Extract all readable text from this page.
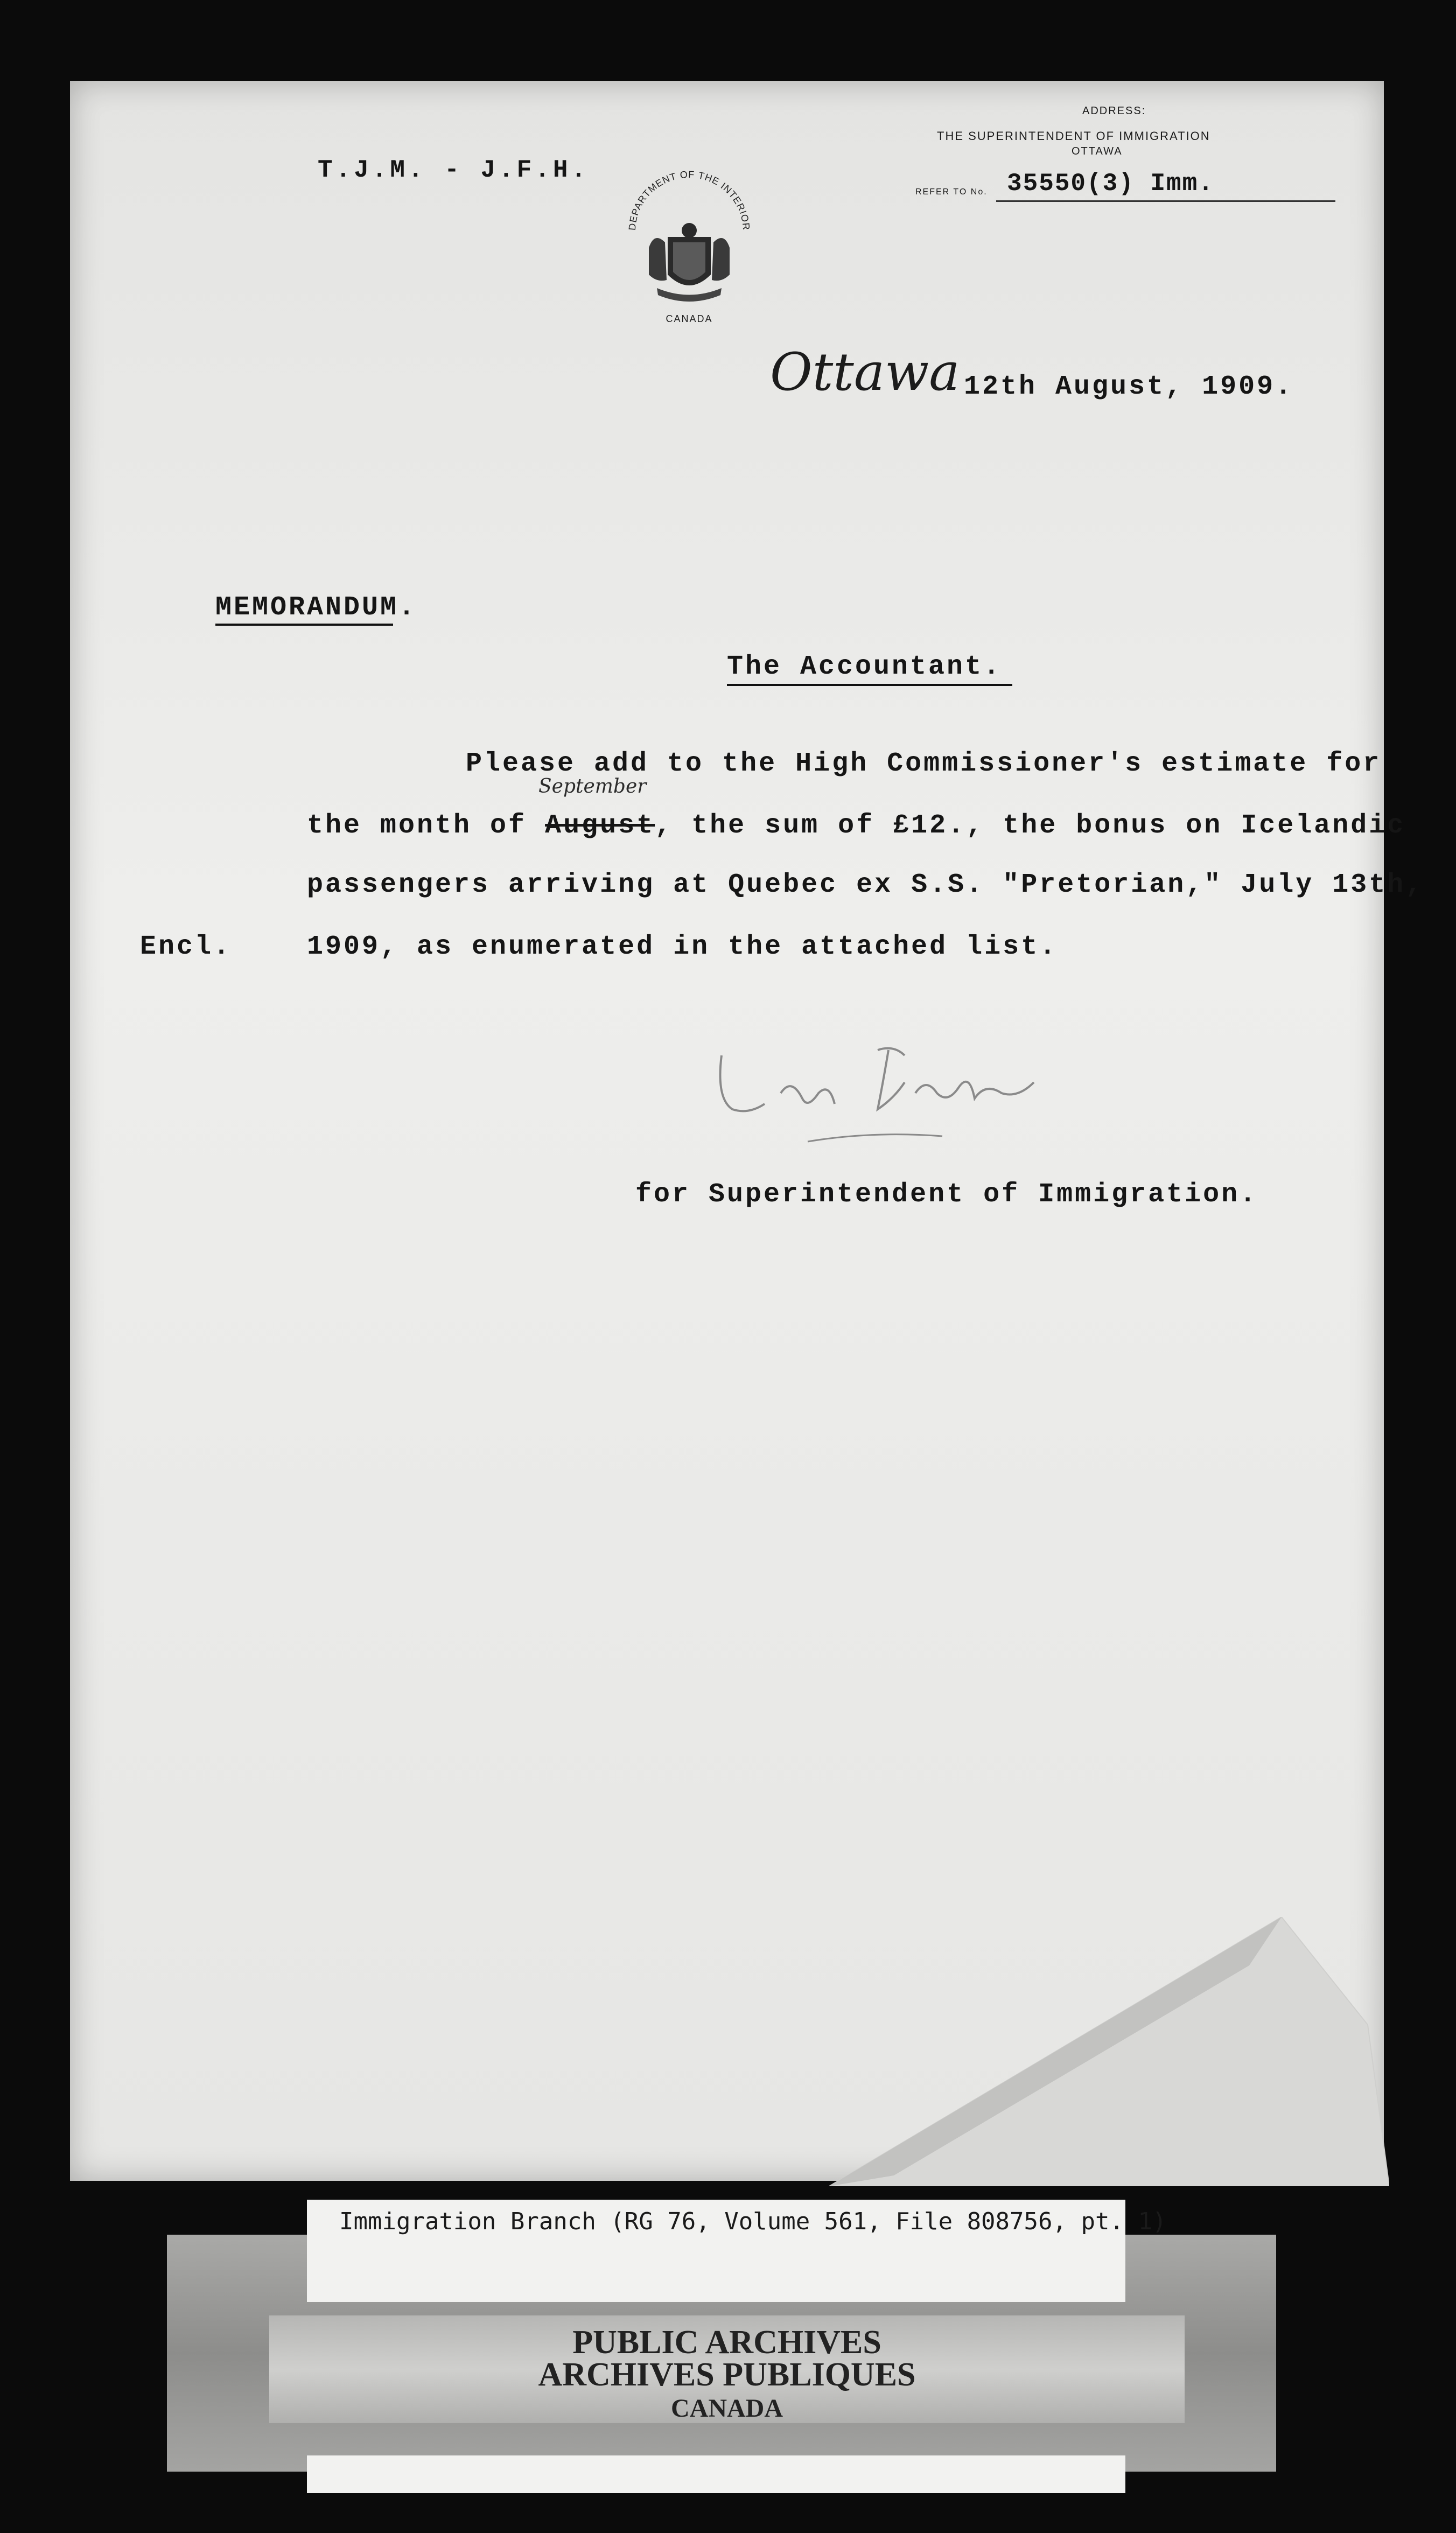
T.J.M. - J.F.H.
ADDRESS:
THE SUPERINTENDENT OF IMMIGRATION
OTTAWA
REFER TO No. 35550(3) Imm.
DEPARTMENT OF THE INTERIOR
CANADA
Ottawa 12th August, 1909.
MEMORANDUM.
The Accountant.
September
Please add to the High Commissioner's estimate for
the month of August, the sum of £12., the bonus on Icelandic
passengers arriving at Quebec ex S.S. "Pretorian," July 13th,
Encl.	1909, as enumerated in the attached list.
for Superintendent of Immigration.
Immigration Branch (RG 76, Volume 561, File 808756, pt. 1)
PUBLIC ARCHIVES
ARCHIVES PUBLIQUES
CANADA
